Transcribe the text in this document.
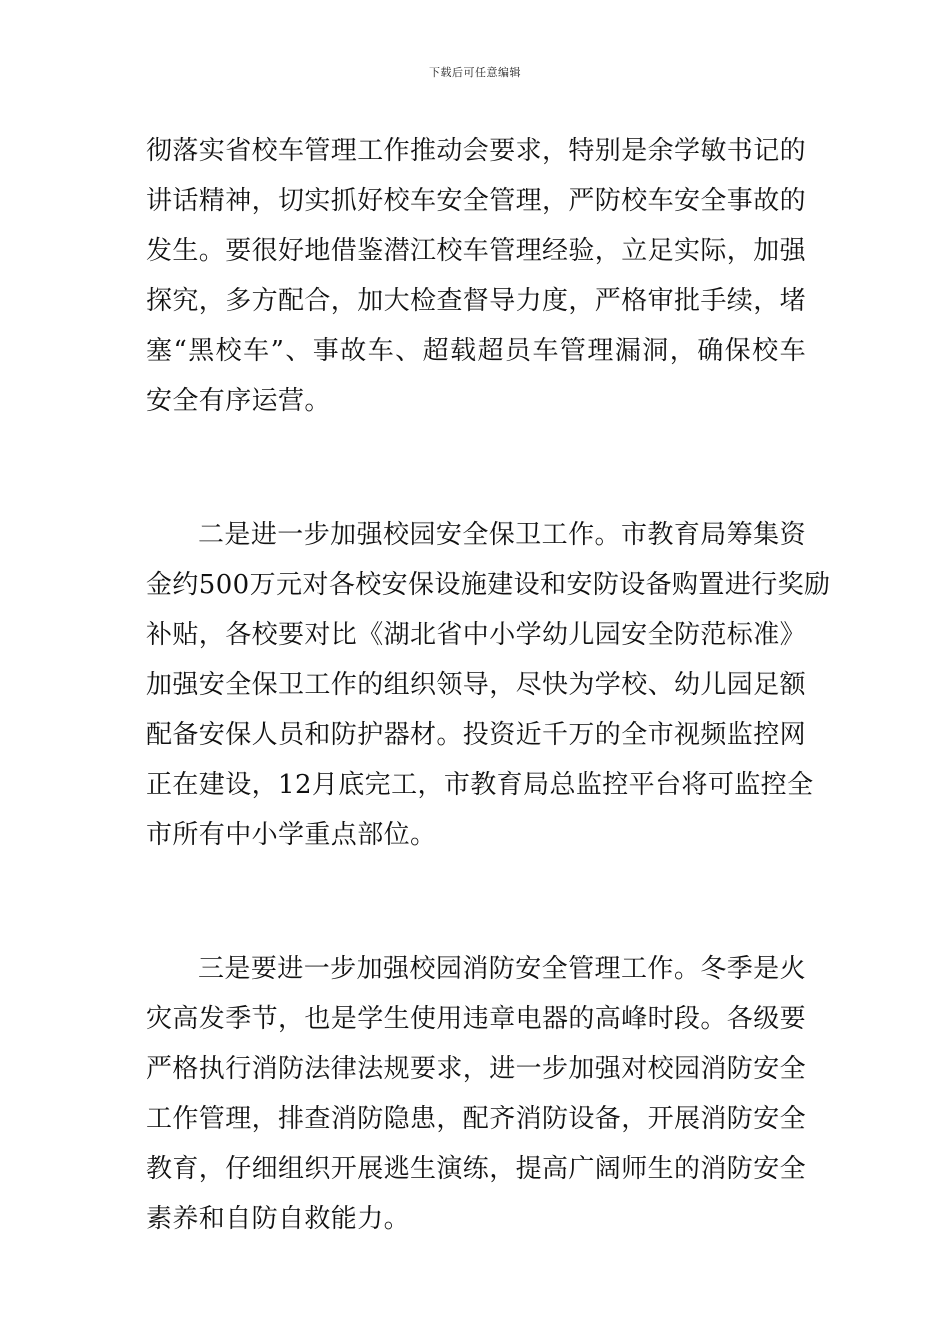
下载后可任意编辑
彻落实省校车管理工作推动会要求，特别是余学敏书记的
讲话精神，切实抓好校车安全管理，严防校车安全事故的
发生。要很好地借鉴潜江校车管理经验，立足实际，加强
探究，多方配合，加大检查督导力度，严格审批手续，堵
塞“黑校车”、事故车、超载超员车管理漏洞，确保校车
安全有序运营。
二是进一步加强校园安全保卫工作。市教育局筹集资
金约500万元对各校安保设施建设和安防设备购置进行奖励
补贴，各校要对比《湖北省中小学幼儿园安全防范标准》
加强安全保卫工作的组织领导，尽快为学校、幼儿园足额
配备安保人员和防护器材。投资近千万的全市视频监控网
正在建设，12月底完工，市教育局总监控平台将可监控全
市所有中小学重点部位。
三是要进一步加强校园消防安全管理工作。冬季是火
灾高发季节，也是学生使用违章电器的高峰时段。各级要
严格执行消防法律法规要求，进一步加强对校园消防安全
工作管理，排查消防隐患，配齐消防设备，开展消防安全
教育，仔细组织开展逃生演练，提高广阔师生的消防安全
素养和自防自救能力。
